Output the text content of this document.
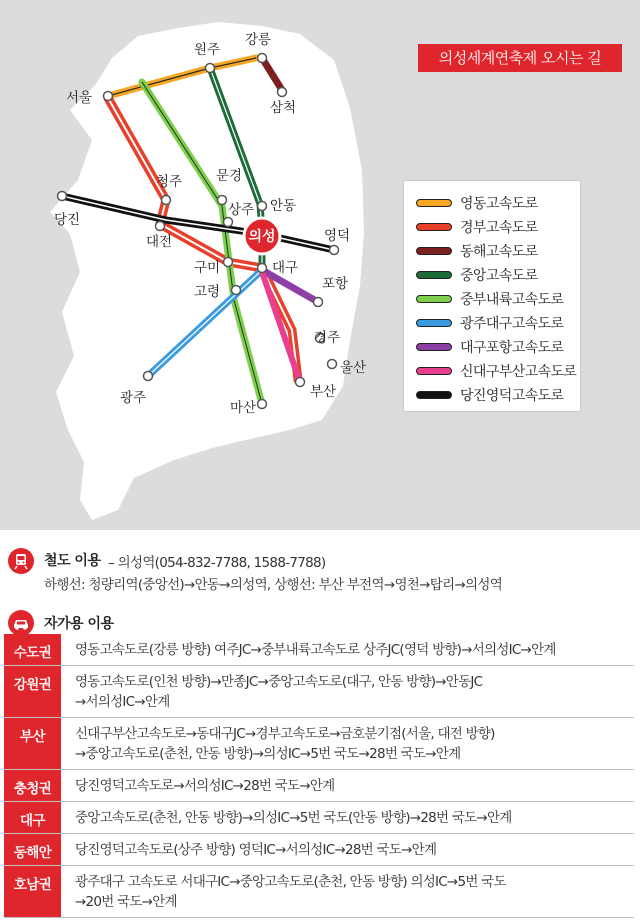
의성
강릉
원주
서울
삼척
청주	문경
당진
대전
상주 안동
영덕
구미	대구
고령	포항
경주
울산
광주	부산
마산
의성세계연축제 오시는 길
영동고속도로
경부고속도로
동해고속도로
중앙고속도로
중부내륙고속도로
광주대구고속도로
대구포항고속도로
신대구부산고속도로
당진영덕고속도로
철도 이용 – 의성역(054-832-7788, 1588-7788)
하행선: 청량리역(중앙선)→안동→의성역, 상행선: 부산 부전역→영천→탑리→의성역
자가용 이용
수도권	영동고속도로(강릉 방향) 여주JC→중부내륙고속도로 상주JC(영덕 방향)→서의성IC→안계
강원권	영동고속도로(인천 방향)→만종JC→중앙고속도로(대구, 안동 방향)→안동JC
→서의성IC→안계
부산	신대구부산고속도로→동대구JC→경부고속도로→금호분기점(서울, 대전 방향)
→중앙고속도로(춘천, 안동 방향)→의성IC→5번 국도→28번 국도→안계
충청권	당진영덕고속도로→서의성IC→28번 국도→안계
대구	중앙고속도로(춘천, 안동 방향)→의성IC→5번 국도(안동 방향)→28번 국도→안계
동해안	당진영덕고속도로(상주 방향) 영덕IC→서의성IC→28번 국도→안계
호남권	광주대구 고속도로 서대구IC→중앙고속도로(춘천, 안동 방향) 의성IC→5번 국도
→20번 국도→안계
